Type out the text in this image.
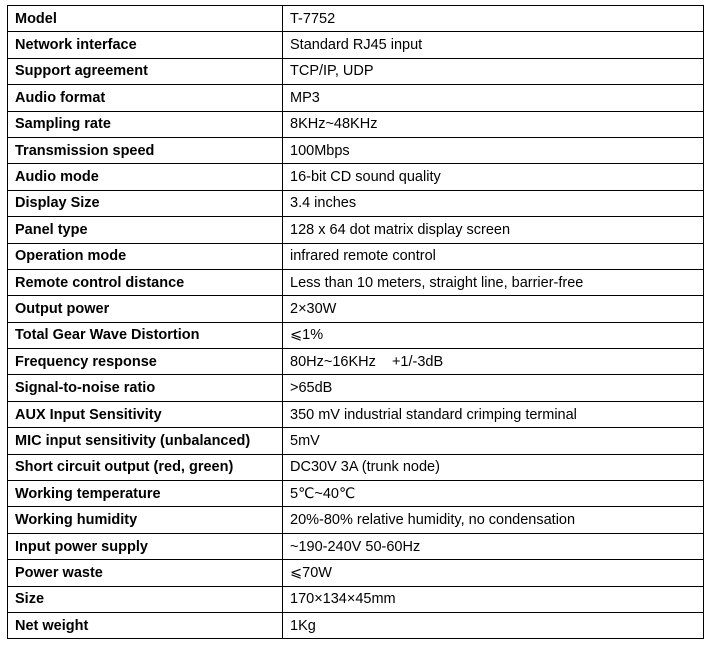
Model	T-7752
Network interface	Standard RJ45 input
Support agreement	TCP/IP, UDP
Audio format	MP3
Sampling rate	8KHz~48KHz
Transmission speed	100Mbps
Audio mode	16-bit CD sound quality
Display Size	3.4 inches
Panel type	128 x 64 dot matrix display screen
Operation mode	infrared remote control
Remote control distance	Less than 10 meters, straight line, barrier-free
Output power	2×30W
Total Gear Wave Distortion	⩽1%
Frequency response	80Hz~16KHz    +1/-3dB
Signal-to-noise ratio	>65dB
AUX Input Sensitivity	350 mV industrial standard crimping terminal
MIC input sensitivity (unbalanced)	5mV
Short circuit output (red, green)	DC30V 3A (trunk node)
Working temperature	5℃~40℃
Working humidity	20%-80% relative humidity, no condensation
Input power supply	~190-240V 50-60Hz
Power waste	⩽70W
Size	170×134×45mm
Net weight	1Kg
